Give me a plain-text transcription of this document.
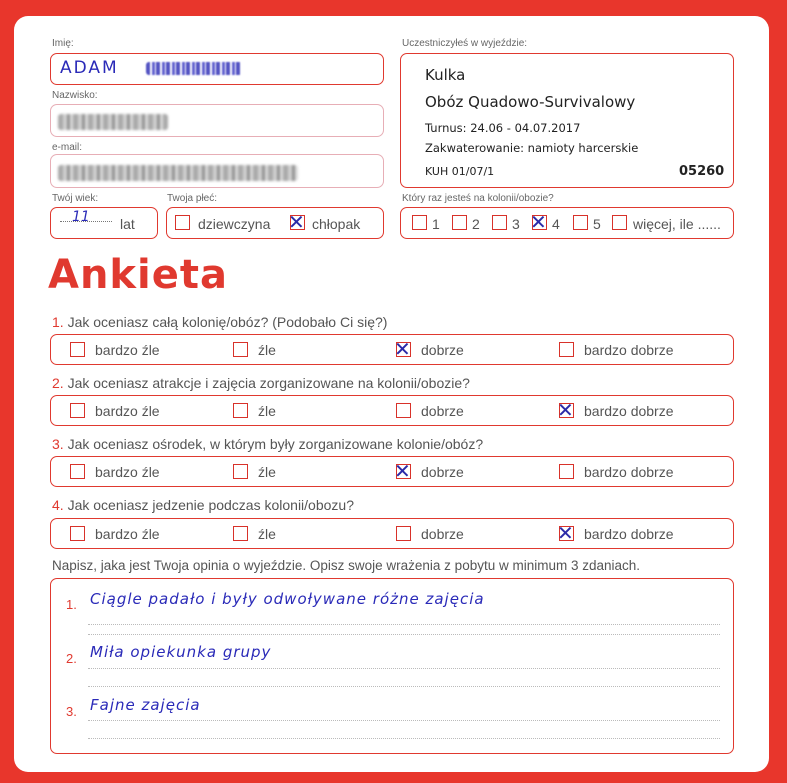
Imię:
ADAM
Nazwisko:
e-mail:
Twój wiek:
11 lat
Twoja płeć:
dziewczyna ✕ chłopak
Uczestniczyłeś w wyjeździe:
Kulka
Obóz Quadowo-Survivalowy
Turnus: 24.06 - 04.07.2017
Zakwaterowanie: namioty harcerskie
KUH 01/07/1	05260
Który raz jesteś na kolonii/obozie?
1 2 3 ✕ 4 5 więcej, ile ......
Ankieta
1. Jak oceniasz całą kolonię/obóz? (Podobało Ci się?)
bardzo źle	źle	✕ dobrze	bardzo dobrze
2. Jak oceniasz atrakcje i zajęcia zorganizowane na kolonii/obozie?
bardzo źle	źle	dobrze	✕ bardzo dobrze
3. Jak oceniasz ośrodek, w którym były zorganizowane kolonie/obóz?
bardzo źle	źle	✕ dobrze	bardzo dobrze
4. Jak oceniasz jedzenie podczas kolonii/obozu?
bardzo źle	źle	dobrze	✕ bardzo dobrze
Napisz, jaka jest Twoja opinia o wyjeździe. Opisz swoje wrażenia z pobytu w minimum 3 zdaniach.
1. Ciągle padało i były odwoływane różne zajęcia
2. Miła opiekunka grupy
3. Fajne zajęcia
